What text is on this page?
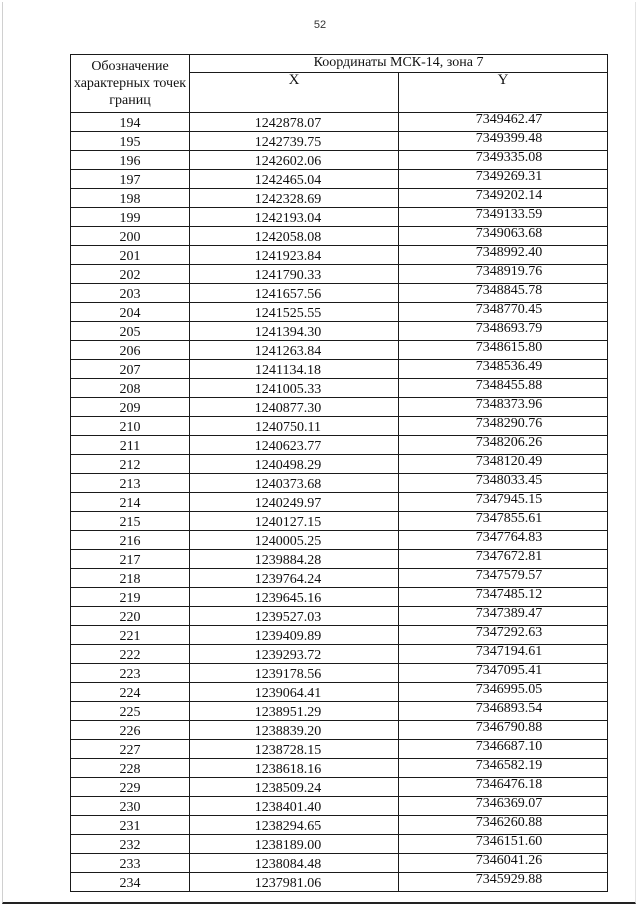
52
Обозначение характерных точек границ	Координаты МСК-14, зона 7	
	X	Y
194	1242878.07	7349462.47
195	1242739.75	7349399.48
196	1242602.06	7349335.08
197	1242465.04	7349269.31
198	1242328.69	7349202.14
199	1242193.04	7349133.59
200	1242058.08	7349063.68
201	1241923.84	7348992.40
202	1241790.33	7348919.76
203	1241657.56	7348845.78
204	1241525.55	7348770.45
205	1241394.30	7348693.79
206	1241263.84	7348615.80
207	1241134.18	7348536.49
208	1241005.33	7348455.88
209	1240877.30	7348373.96
210	1240750.11	7348290.76
211	1240623.77	7348206.26
212	1240498.29	7348120.49
213	1240373.68	7348033.45
214	1240249.97	7347945.15
215	1240127.15	7347855.61
216	1240005.25	7347764.83
217	1239884.28	7347672.81
218	1239764.24	7347579.57
219	1239645.16	7347485.12
220	1239527.03	7347389.47
221	1239409.89	7347292.63
222	1239293.72	7347194.61
223	1239178.56	7347095.41
224	1239064.41	7346995.05
225	1238951.29	7346893.54
226	1238839.20	7346790.88
227	1238728.15	7346687.10
228	1238618.16	7346582.19
229	1238509.24	7346476.18
230	1238401.40	7346369.07
231	1238294.65	7346260.88
232	1238189.00	7346151.60
233	1238084.48	7346041.26
234	1237981.06	7345929.88
